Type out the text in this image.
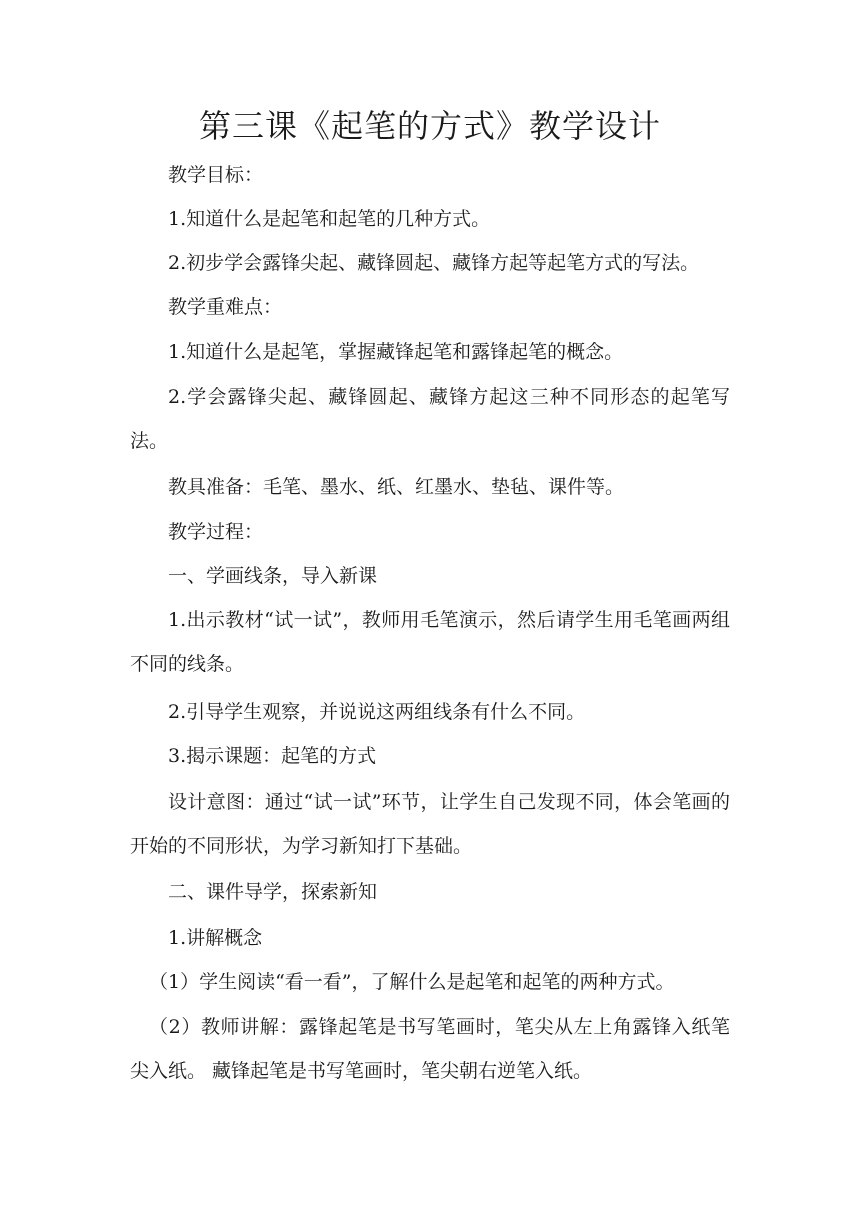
第三课《起笔的方式》教学设计
教学目标：
1.知道什么是起笔和起笔的几种方式。
2.初步学会露锋尖起、藏锋圆起、藏锋方起等起笔方式的写法。
教学重难点：
1.知道什么是起笔，掌握藏锋起笔和露锋起笔的概念。
2.学会露锋尖起、藏锋圆起、藏锋方起这三种不同形态的起笔写法。
教具准备：毛笔、墨水、纸、红墨水、垫毡、课件等。
教学过程：
一、学画线条，导入新课
1.出示教材“试一试”，教师用毛笔演示，然后请学生用毛笔画两组不同的线条。
2.引导学生观察，并说说这两组线条有什么不同。
3.揭示课题：起笔的方式
设计意图：通过“试一试”环节，让学生自己发现不同，体会笔画的开始的不同形状，为学习新知打下基础。
二、课件导学，探索新知
1.讲解概念
（1）学生阅读“看一看”，了解什么是起笔和起笔的两种方式。
（2）教师讲解：露锋起笔是书写笔画时，笔尖从左上角露锋入纸笔尖入纸。 藏锋起笔是书写笔画时，笔尖朝右逆笔入纸。
